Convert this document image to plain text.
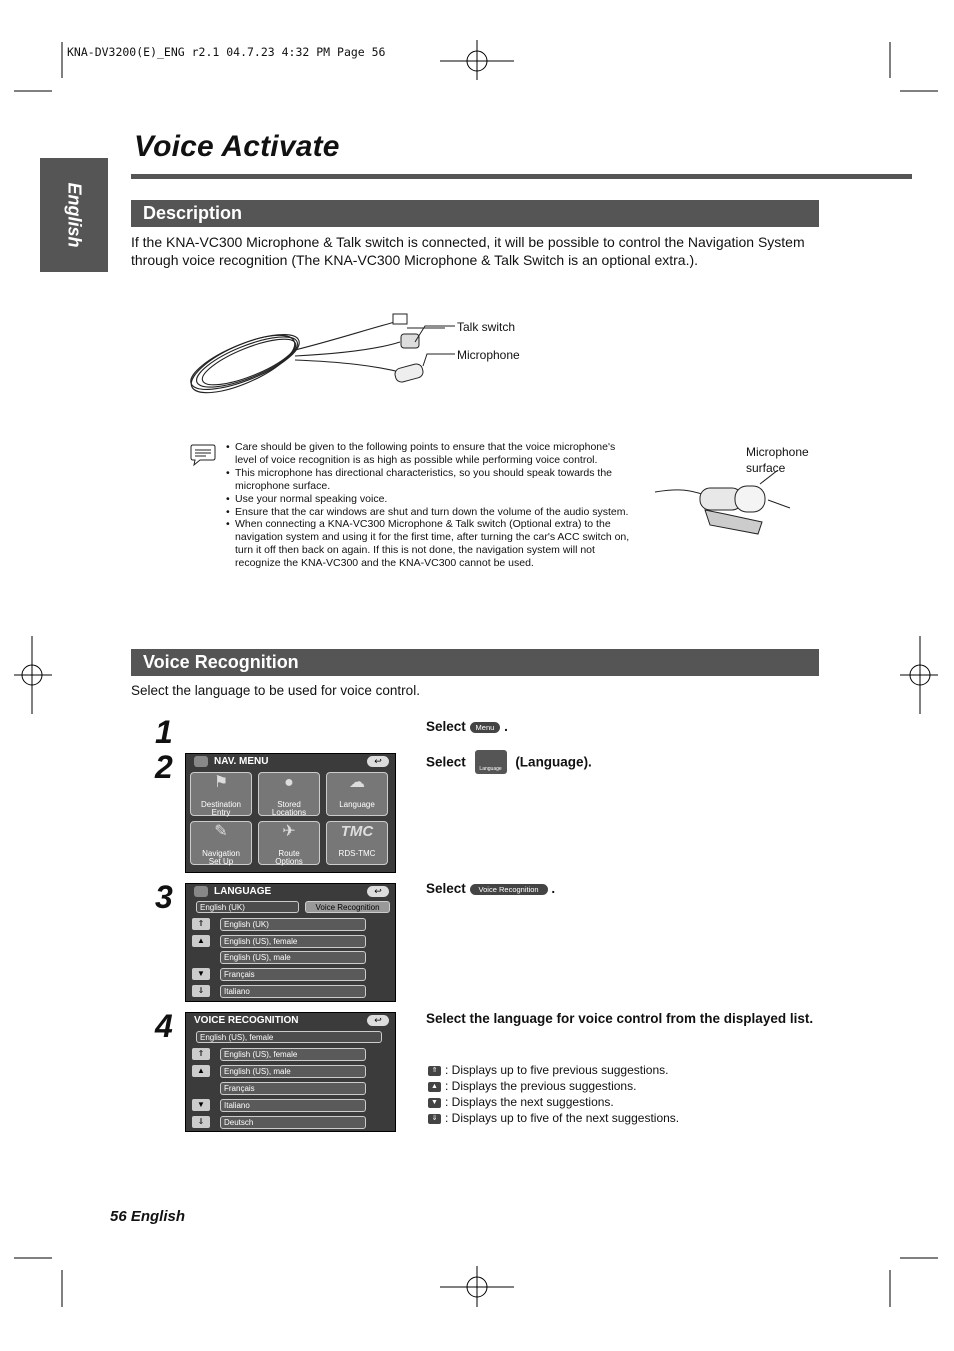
KNA-DV3200(E)_ENG r2.1 04.7.23 4:32 PM Page 56
English
Voice Activate
Description
If the KNA-VC300 Microphone & Talk switch is connected, it will be possible to control the Navigation System through voice recognition (The KNA-VC300 Microphone & Talk Switch is an optional extra.).
Talk switch
Microphone
• Care should be given to the following points to ensure that the voice microphone's level of voice recognition is as high as possible while performing voice control.
• This microphone has directional characteristics, so you should speak towards the microphone surface.
• Use your normal speaking voice.
• Ensure that the car windows are shut and turn down the volume of the audio system.
• When connecting a KNA-VC300 Microphone & Talk switch (Optional extra) to the navigation system and using it for the first time, after turning the car's ACC switch on, turn it off then back on again. If this is not done, the navigation system will not recognize the KNA-VC300 and the KNA-VC300 cannot be used.
Microphone
surface
Voice Recognition
Select the language to be used for voice control.
1
2
3
4
Select Menu .
Select	Language (Language).
Select Voice Recognition .
Select the language for voice control from the displayed list.
⇑ : Displays up to five previous suggestions.
▲ : Displays the previous suggestions.
▼ : Displays the next suggestions.
⇓ : Displays up to five of the next suggestions.
NAV. MENU	↩
⚑
Destination
Entry
●
Stored
Locations
☁
Language
✎
Navigation
Set Up
✈
Route
Options
TMC
RDS-TMC
LANGUAGE	↩
English (UK)	Voice Recognition
⇑
▲
▼
⇓
English (UK)
English (US), female
English (US), male
Français
Italiano
VOICE RECOGNITION	↩
English (US), female
⇑
▲
▼
⇓
English (US), female
English (US), male
Français
Italiano
Deutsch
56 English
